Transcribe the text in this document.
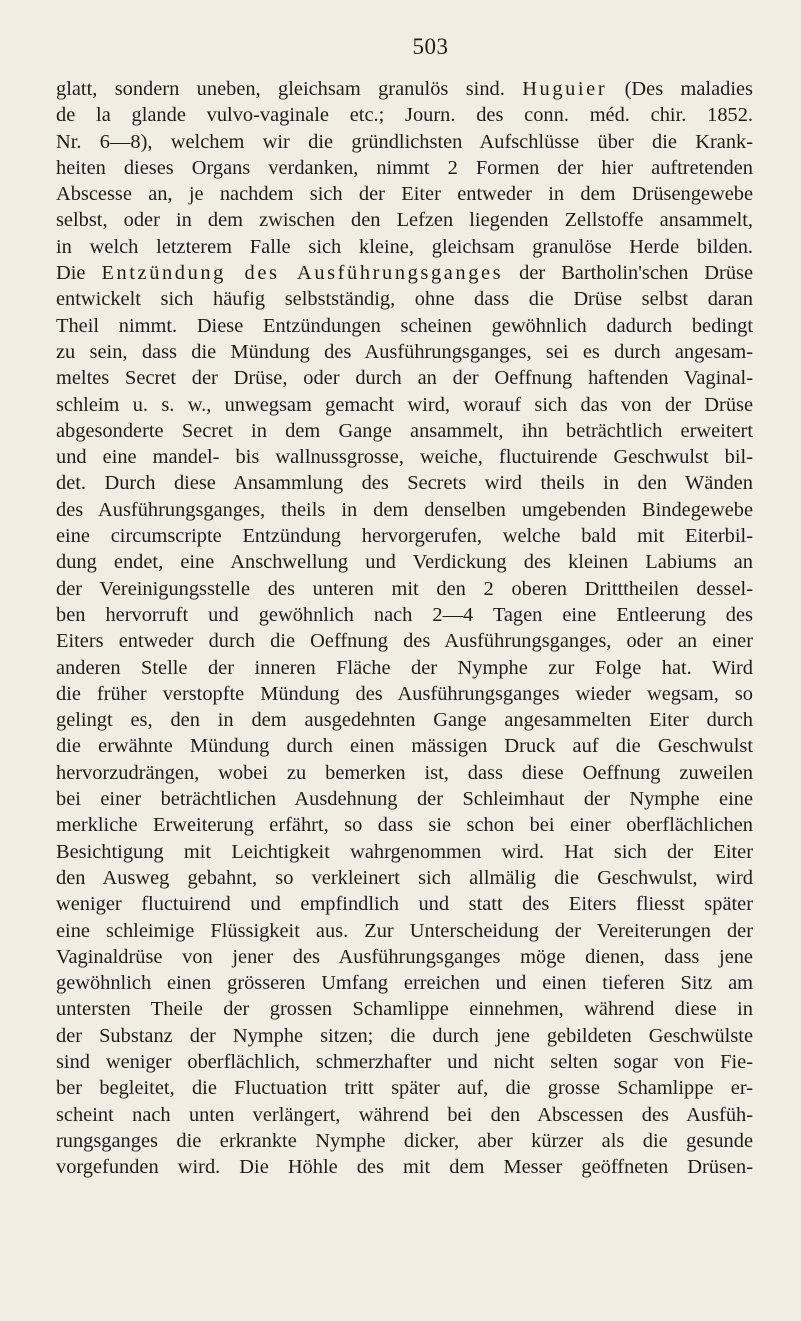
503
glatt, sondern uneben, gleichsam granulös sind. Huguier (Des maladies
de la glande vulvo-vaginale etc.; Journ. des conn. méd. chir. 1852.
Nr. 6—8), welchem wir die gründlichsten Aufschlüsse über die Krank-
heiten dieses Organs verdanken, nimmt 2 Formen der hier auftretenden
Abscesse an, je nachdem sich der Eiter entweder in dem Drüsengewebe
selbst, oder in dem zwischen den Lefzen liegenden Zellstoffe ansammelt,
in welch letzterem Falle sich kleine, gleichsam granulöse Herde bilden.
Die Entzündung des Ausführungsganges der Bartholin'schen Drüse
entwickelt sich häufig selbstständig, ohne dass die Drüse selbst daran
Theil nimmt. Diese Entzündungen scheinen gewöhnlich dadurch bedingt
zu sein, dass die Mündung des Ausführungsganges, sei es durch angesam-
meltes Secret der Drüse, oder durch an der Oeffnung haftenden Vaginal-
schleim u. s. w., unwegsam gemacht wird, worauf sich das von der Drüse
abgesonderte Secret in dem Gange ansammelt, ihn beträchtlich erweitert
und eine mandel- bis wallnussgrosse, weiche, fluctuirende Geschwulst bil-
det. Durch diese Ansammlung des Secrets wird theils in den Wänden
des Ausführungsganges, theils in dem denselben umgebenden Bindegewebe
eine circumscripte Entzündung hervorgerufen, welche bald mit Eiterbil-
dung endet, eine Anschwellung und Verdickung des kleinen Labiums an
der Vereinigungsstelle des unteren mit den 2 oberen Dritttheilen dessel-
ben hervorruft und gewöhnlich nach 2—4 Tagen eine Entleerung des
Eiters entweder durch die Oeffnung des Ausführungsganges, oder an einer
anderen Stelle der inneren Fläche der Nymphe zur Folge hat. Wird
die früher verstopfte Mündung des Ausführungsganges wieder wegsam, so
gelingt es, den in dem ausgedehnten Gange angesammelten Eiter durch
die erwähnte Mündung durch einen mässigen Druck auf die Geschwulst
hervorzudrängen, wobei zu bemerken ist, dass diese Oeffnung zuweilen
bei einer beträchtlichen Ausdehnung der Schleimhaut der Nymphe eine
merkliche Erweiterung erfährt, so dass sie schon bei einer oberflächlichen
Besichtigung mit Leichtigkeit wahrgenommen wird. Hat sich der Eiter
den Ausweg gebahnt, so verkleinert sich allmälig die Geschwulst, wird
weniger fluctuirend und empfindlich und statt des Eiters fliesst später
eine schleimige Flüssigkeit aus. Zur Unterscheidung der Vereiterungen der
Vaginaldrüse von jener des Ausführungsganges möge dienen, dass jene
gewöhnlich einen grösseren Umfang erreichen und einen tieferen Sitz am
untersten Theile der grossen Schamlippe einnehmen, während diese in
der Substanz der Nymphe sitzen; die durch jene gebildeten Geschwülste
sind weniger oberflächlich, schmerzhafter und nicht selten sogar von Fie-
ber begleitet, die Fluctuation tritt später auf, die grosse Schamlippe er-
scheint nach unten verlängert, während bei den Abscessen des Ausfüh-
rungsganges die erkrankte Nymphe dicker, aber kürzer als die gesunde
vorgefunden wird. Die Höhle des mit dem Messer geöffneten Drüsen-
